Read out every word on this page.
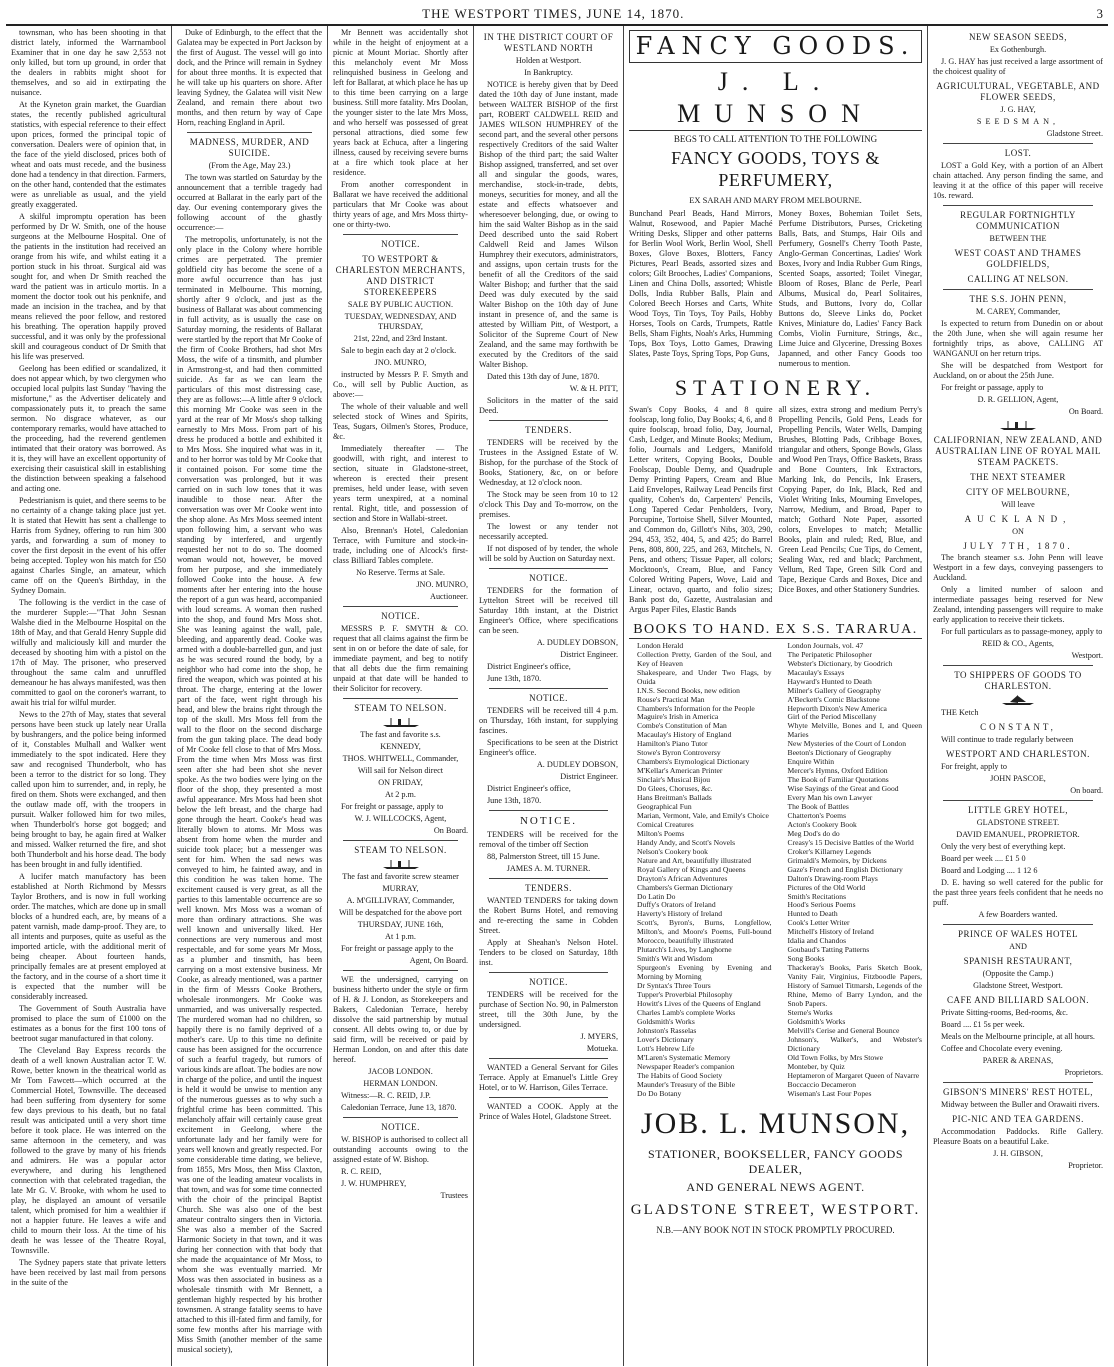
THE WESTPORT TIMES, JUNE 14, 1870.	3

townsman, who has been shooting in that district lately, informed the Warrnambool Examiner that in one day he saw 2,553 not only killed, but torn up ground, in order that the dealers in rabbits might shoot for themselves, and so aid in extirpating the nuisance.

At the Kyneton grain market, the Guardian states, the recently published agricultural statistics, with especial reference to their effect upon prices, formed the principal topic of conversation. Dealers were of opinion that, in the face of the yield disclosed, prices both of wheat and oats must recede, and the business done had a tendency in that direction. Farmers, on the other hand, contended that the estimates were as unreliable as usual, and the yield greatly exaggerated.

A skilful impromptu operation has been performed by Dr W. Smith, one of the house surgeons at the Melbourne Hospital. One of the patients in the institution had received an orange from his wife, and whilst eating it a portion stuck in his throat. Surgical aid was sought for, and when Dr Smith reached the ward the patient was in articulo mortis. In a moment the doctor took out his penknife, and made an incision in the trachea, and by that means relieved the poor fellow, and restored his breathing. The operation happily proved successful, and it was only by the professional skill and courageous conduct of Dr Smith that his life was preserved.

Geelong has been edified or scandalized, it does not appear which, by two clergymen who occupied local pulpits last Sunday "having the misfortune," as the Advertiser delicately and compassionately puts it, to preach the same sermon. No disgrace whatever, as our contemporary remarks, would have attached to the proceeding, had the reverend gentlemen intimated that their oratory was borrowed. As it is, they will have an excellent opportunity of exercising their casuistical skill in establishing the distinction between speaking a falsehood and acting one.

Pedestrianism is quiet, and there seems to be no certainty of a change taking place just yet. It is stated that Hewitt has sent a challenge to Harris from Sydney, offering to run him 300 yards, and forwarding a sum of money to cover the first deposit in the event of his offer being accepted. Topley won his match for £50 against Charles Single, an amateur, which came off on the Queen's Birthday, in the Sydney Domain.

The following is the verdict in the case of the murderer Supple:—"That John Sesnan Walshe died in the Melbourne Hospital on the 18th of May, and that Gerald Henry Supple did wilfully and maliciously kill and murder the deceased by shooting him with a pistol on the 17th of May. The prisoner, who preserved throughout the same calm and unruffled demeanour he has always manifested, was then committed to gaol on the coroner's warrant, to await his trial for wilful murder.

News to the 27th of May, states that several persons have been stuck up lately near Uralla by bushrangers, and the police being informed of it, Constables Mulhall and Walker went immediately to the spot indicated. Here they saw and recognised Thunderbolt, who has been a terror to the district for so long. They called upon him to surrender, and, in reply, he fired on them. Shots were exchanged, and then the outlaw made off, with the troopers in pursuit. Walker followed him for two miles, when Thunderbolt's horse got bogged; and being brought to bay, he again fired at Walker and missed. Walker returned the fire, and shot both Thunderbolt and his horse dead. The body has been brought in and fully identified.

A lucifer match manufactory has been established at North Richmond by Messrs Taylor Brothers, and is now in full working order. The matches, which are done up in small blocks of a hundred each, are, by means of a patent varnish, made damp-proof. They are, to all intents and purposes, quite as useful as the imported article, with the additional merit of being cheaper. About fourteen hands, principally females are at present employed at the factory, and in the course of a short time it is expected that the number will be considerably increased.

The Government of South Australia have promised to place the sum of £1000 on the estimates as a bonus for the first 100 tons of beetroot sugar manufactured in that colony.

The Cleveland Bay Express records the death of a well known Australian actor T. W. Rowe, better known in the theatrical world as Mr Tom Fawcett—which occurred at the Commercial Hotel, Townsville. The deceased had been suffering from dysentery for some few days previous to his death, but no fatal result was anticipated until a very short time before it took place. He was interred on the same afternoon in the cemetery, and was followed to the grave by many of his friends and admirers. He was a popular actor everywhere, and during his lengthened connection with that celebrated tragedian, the late Mr G. V. Brooke, with whom he used to play, he displayed an amount of versatile talent, which promised for him a wealthier if not a happier future. He leaves a wife and child to mourn their loss. At the time of his death he was lessee of the Theatre Royal, Townsville.

The Sydney papers state that private letters have been received by last mail from persons in the suite of the

Duke of Edinburgh, to the effect that the Galatea may be expected in Port Jackson by the first of August. The vessel will go into dock, and the Prince will remain in Sydney for about three months. It is expected that he will take up his quarters on shore. After leaving Sydney, the Galatea will visit New Zealand, and remain there about two months, and then return by way of Cape Horn, reaching England in April.

MADNESS, MURDER, AND SUICIDE.

(From the Age, May 23.)

The town was startled on Saturday by the announcement that a terrible tragedy had occurred at Ballarat in the early part of the day. Our evening contemporary gives the following account of the ghastly occurrence:—

The metropolis, unfortunately, is not the only place in the Colony where horrible crimes are perpetrated. The premier goldfield city has become the scene of a more awful occurrence than has just terminated in Melbourne. This morning, shortly after 9 o'clock, and just as the business of Ballarat was about commencing in full activity, as is usually the case on Saturday morning, the residents of Ballarat were startled by the report that Mr Cooke of the firm of Cooke Brothers, had shot Mrs Moss, the wife of a tinsmith, and plumber in Armstrong-st, and had then committed suicide. As far as we can learn the particulars of this most distressing case, they are as follows:—A little after 9 o'clock this morning Mr Cooke was seen in the yard at the rear of Mr Moss's shop talking earnestly to Mrs Moss. From part of his dress he produced a bottle and exhibited it to Mrs Moss. She inquired what was in it, and to her horror was told by Mr Cooke that it contained poison. For some time the conversation was prolonged, but it was carried on in such low tones that it was inaudible to those near. After the conversation was over Mr Cooke went into the shop alone. As Mrs Moss seemed intent upon following him, a servant who was standing by interfered, and urgently requested her not to do so. The doomed woman would not, however, be moved from her purpose, and she immediately followed Cooke into the house. A few moments after her entering into the house the report of a gun was heard, accompanied with loud screams. A woman then rushed into the shop, and found Mrs Moss shot. She was leaning against the wall, pale, bleeding, and apparently dead. Cooke was armed with a double-barrelled gun, and just as he was secured round the body, by a neighbor who had come into the shop, he fired the weapon, which was pointed at his throat. The charge, entering at the lower part of the face, went right through his head, and blew the brains right through the top of the skull. Mrs Moss fell from the wall to the floor on the second discharge from the gun taking place. The dead body of Mr Cooke fell close to that of Mrs Moss. From the time when Mrs Moss was first seen after she had been shot she never spoke. As the two bodies were lying on the floor of the shop, they presented a most awful appearance. Mrs Moss had been shot below the left breast, and the charge had gone through the heart. Cooke's head was literally blown to atoms. Mr Moss was absent from home when the murder and suicide took place; but a messenger was sent for him. When the sad news was conveyed to him, he fainted away, and in this condition he was taken home. The excitement caused is very great, as all the parties to this lamentable occurrence are so well known. Mrs Moss was a woman of more than ordinary attractions. She was well known and universally liked. Her connections are very numerous and most respectable, and for some years Mr Moss, as a plumber and tinsmith, has been carrying on a most extensive business. Mr Cooke, as already mentioned, was a partner in the firm of Messrs Cooke Brothers, wholesale ironmongers. Mr Cooke was unmarried, and was universally respected. The murdered woman had no children, so happily there is no family deprived of a mother's care. Up to this time no definite cause has been assigned for the occurrence of such a fearful tragedy, but rumors of various kinds are afloat. The bodies are now in charge of the police, and until the inquest is held it would be unwise to mention any of the numerous guesses as to why such a frightful crime has been committed. This melancholy affair will certainly cause great excitement in Geelong, where the unfortunate lady and her family were for years well known and greatly respected. For some considerable time dating, we believe, from 1855, Mrs Moss, then Miss Claxton, was one of the leading amateur vocalists in that town, and was for some time connected with the choir of the principal Baptist Church. She was also one of the best amateur contralto singers then in Victoria. She was also a member of the Sacred Harmonic Society in that town, and it was during her connection with that body that she made the acquaintance of Mr Moss, to whom she was eventually married. Mr Moss was then associated in business as a wholesale tinsmith with Mr Bennett, a gentleman highly respected by his brother townsmen. A strange fatality seems to have attached to this ill-fated firm and family, for some few months after his marriage with Miss Smith (another member of the same musical society),

Mr Bennett was accidentally shot while in the height of enjoyment at a picnic at Mount Moriac. Shortly after this melancholy event Mr Moss relinquished business in Geelong and left for Ballarat, at which place he has up to this time been carrying on a large business. Still more fatality. Mrs Doolan, the younger sister to the late Mrs Moss, and who herself was possessed of great personal attractions, died some few years back at Echuca, after a lingering illness, caused by receiving severe burns at a fire which took place at her residence.

From another correspondent in Ballarat we have received the additional particulars that Mr Cooke was about thirty years of age, and Mrs Moss thirty-one or thirty-two.

NOTICE.
TO WESTPORT & CHARLESTON MERCHANTS, AND DISTRICT STOREKEEPERS

SALE BY PUBLIC AUCTION.

TUESDAY, WEDNESDAY, AND THURSDAY,

21st, 22nd, and 23rd Instant.

Sale to begin each day at 2 o'clock.

JNO. MUNRO,

instructed by Messrs P. F. Smyth and Co., will sell by Public Auction, as above:—

The whole of their valuable and well selected stock of Wines and Spirits, Teas, Sugars, Oilmen's Stores, Produce, &c.

Immediately thereafter — The goodwill, with right, and interest to section, situate in Gladstone-street, whereon is erected their present premises, held under lease, with seven years term unexpired, at a nominal rental. Right, title, and possession of section and Store in Wallabi-street.

Also, Brennan's Hotel, Caledonian Terrace, with Furniture and stock-in-trade, including one of Alcock's first-class Billiard Tables complete.

No Reserve. Terms at Sale.

JNO. MUNRO,

Auctioneer.

NOTICE.

MESSRS P. F. SMYTH & CO. request that all claims against the firm be sent in on or before the date of sale, for immediate payment, and beg to notify that all debts due the firm remaining unpaid at that date will be handed to their Solicitor for recovery.

STEAM TO NELSON.

The fast and favorite s.s.

KENNEDY,

THOS. WHITWELL, Commander,

Will sail for Nelson direct

ON FRIDAY,

At 2 p.m.

For freight or passage, apply to

W. J. WILLCOCKS, Agent,

On Board.

STEAM TO NELSON.

The fast and favorite screw steamer

MURRAY,

A. M'GILLIVRAY, Commander,

Will be despatched for the above port

THURSDAY, JUNE 16th,

At 1 p.m.

For freight or passage apply to the

Agent, On Board.

WE the undersigned, carrying on business hitherto under the style or firm of H. & J. London, as Storekeepers and Bakers, Caledonian Terrace, hereby dissolve the said partnership by mutual consent. All debts owing to, or due by said firm, will be received or paid by Herman London, on and after this date hereof.

JACOB LONDON.

HERMAN LONDON.

Witness:—R. C. REID, J.P.

Caledonian Terrace, June 13, 1870.

NOTICE.

W. BISHOP is authorised to collect all outstanding accounts owing to the assigned estate of W. Bishop.

R. C. REID,

J. W. HUMPHREY,

Trustees

IN THE DISTRICT COURT OF WESTLAND NORTH

Holden at Westport.

In Bankruptcy.

NOTICE is hereby given that by Deed dated the 10th day of June instant, made between WALTER BISHOP of the first part, ROBERT CALDWELL REID and JAMES WILSON HUMPHREY of the second part, and the several other persons respectively Creditors of the said Walter Bishop of the third part; the said Walter Bishop assigned, transferred, and set over all and singular the goods, wares, merchandise, stock-in-trade, debts, moneys, securities for money, and all the estate and effects whatsoever and wheresoever belonging, due, or owing to him the said Walter Bishop as in the said Deed described unto the said Robert Caldwell Reid and James Wilson Humphrey their executors, administrators, and assigns, upon certain trusts for the benefit of all the Creditors of the said Walter Bishop; and further that the said Deed was duly executed by the said Walter Bishop on the 10th day of June instant in presence of, and the same is attested by William Pitt, of Westport, a Solicitor of the Supreme Court of New Zealand, and the same may forthwith be executed by the Creditors of the said Walter Bishop.

Dated this 13th day of June, 1870.

W. & H. PITT,

Solicitors in the matter of the said Deed.

TENDERS.

TENDERS will be received by the Trustees in the Assigned Estate of W. Bishop, for the purchase of the Stock of Books, Stationery, &c, on or before Wednesday, at 12 o'clock noon.

The Stock may be seen from 10 to 12 o'clock This Day and To-morrow, on the premises.

The lowest or any tender not necessarily accepted.

If not disposed of by tender, the whole will be sold by Auction on Saturday next.

NOTICE.

TENDERS for the formation of Lyttelton Street will be received till Saturday 18th instant, at the District Engineer's Office, where specifications can be seen.

A. DUDLEY DOBSON,

District Engineer.

District Engineer's office,

June 13th, 1870.

NOTICE.

TENDERS will be received till 4 p.m. on Thursday, 16th instant, for supplying fascines.

Specifications to be seen at the District Engineer's office.

A. DUDLEY DOBSON,

District Engineer.

District Engineer's office,

June 13th, 1870.

NOTICE.

TENDERS will be received for the removal of the timber off Section

88, Palmerston Street, till 15 June.

JAMES A. M. TURNER.

TENDERS.

WANTED TENDERS for taking down the Robert Burns Hotel, and removing and re-erecting the same in Cobden Street.

Apply at Sheahan's Nelson Hotel. Tenders to be closed on Saturday, 18th inst.

NOTICE.

TENDERS will be received for the purchase of Section No. 90, in Palmerston street, till the 30th June, by the undersigned.

J. MYERS,

Motueka.

WANTED a General Servant for Giles Terrace. Apply at Emanuel's Little Grey Hotel, or to W. Harrison, Giles Terrace.

WANTED a COOK. Apply at the Prince of Wales Hotel, Gladstone Street.

FANCY GOODS.
J. L. MUNSON
BEGS TO CALL ATTENTION TO THE FOLLOWING
FANCY GOODS, TOYS & PERFUMERY,
EX SARAH AND MARY FROM MELBOURNE.
Bunchand Pearl Beads, Hand Mirrors, Walnut, Rosewood, and Papier Maché Writing Desks, Slipper and other patterns for Berlin Wool Work, Berlin Wool, Shell Boxes, Glove Boxes, Blotters, Fancy Pictures, Pearl Beads, assorted sizes and colors; Gilt Brooches, Ladies' Companions, Linen and China Dolls, assorted; Whistle Dolls, India Rubber Balls, Plain and Colored Beech Horses and Carts, White Wood Toys, Tin Toys, Toy Pails, Hobby Horses, Tools on Cards, Trumpets, Rattle Bells, Sham Fights, Noah's Arks, Humming Tops, Box Toys, Lotto Games, Drawing Slates, Paste Toys, Spring Tops, Pop Guns,
Money Boxes, Bohemian Toilet Sets, Perfume Distributors, Purses, Cricketing Balls, Bats, and Stumps, Hair Oils and Perfumery, Gosnell's Cherry Tooth Paste, Anglo-German Concertinas, Ladies' Work Boxes, Ivory and India Rubber Gum Rings, Scented Soaps, assorted; Toilet Vinegar, Bloom of Roses, Blanc de Perle, Pearl Albums, Musical do, Pearl Solitaires, Studs, and Buttons, Ivory do, Collar Buttons do, Sleeve Links do, Pocket Knives, Miniature do, Ladies' Fancy Back Combs, Violin Furniture, Strings, &c., Lime Juice and Glycerine, Dressing Boxes Japanned, and other Fancy Goods too numerous to mention.
STATIONERY.
Swan's Copy Books, 4 and 8 quire foolscap, long folio, Day Books; 4, 6, and 8 quire foolscap, broad folio, Day, Journal, Cash, Ledger, and Minute Books; Medium, folio, Journals and Ledgers, Manifold Letter writers, Copying Books, Double Foolscap, Double Demy, and Quadruple Demy Printing Papers, Cream and Blue Laid Envelopes, Railway Lead Pencils first quality, Cohen's do, Carpenters' Pencils, Long Tapered Cedar Penholders, Ivory, Porcupine, Tortoise Shell, Silver Mounted, and Common do, Gillott's Nibs, 303, 290, 294, 453, 352, 404, 5, and 425; do Barrel Pens, 808, 800, 225, and 263, Mitchels, N. Pens, and others; Tissue Paper, all colors; Mocktoon's, Cream, Blue, and Fancy Colored Writing Papers, Wove, Laid and Linear, octavo, quarto, and folio sizes; Bank post do, Gazette, Australasian and Argus Paper Files, Elastic Bands
all sizes, extra strong and medium Perry's Propelling Pencils, Gold Pens, Leads for Propelling Pencils, Water Wells, Damping Brushes, Blotting Pads, Cribbage Boxes, triangular and others, Sponge Bowls, Glass and Wood Pen Trays, Office Baskets, Brass and Bone Counters, Ink Extractors, Marking Ink, do Pencils, Ink Erasers, Copying Paper, do Ink, Black, Red and Violet Writing Inks, Mourning Envelopes, Narrow, Medium, and Broad, Paper to match; Gothard Note Paper, assorted colors, Envelopes to match; Metallic Books, plain and ruled; Red, Blue, and Green Lead Pencils; Cue Tips, do Cement, Sealing Wax, red and black; Parchment, Vellum, Red Tape, Green Silk Cord and Tape, Bezique Cards and Boxes, Dice and Dice Boxes, and other Stationery Sundries.
BOOKS TO HAND. EX S.S. TARARUA.
London Herald
Collection Pretty, Garden of the Soul, and Key of Heaven
Shakespeare, and Under Two Flags, by Ouida
I.N.S. Second Books, new edition
Rouse's Practical Man
Chambers's Information for the People
Maguire's Irish in America
Combe's Constitution of Man
Macaulay's History of England
Hamilton's Piano Tutor
Stowe's Byron Controversy
Chambers's Etymological Dictionary
M'Kellar's American Printer
Sinclair's Musical Bijou
Do Glees, Choruses, &c.
Hans Breitman's Ballads
Geographical Fun
Marian, Vermont, Vale, and Emily's Choice
Comical Creatures
Milton's Poems
Handy Andy, and Scott's Novels
Nelson's Cookery book
Nature and Art, beautifully illustrated
Royal Gallery of Kings and Queens
Drayton's African Adventures
Chambers's German Dictionary
Do Latin Do
Duffy's Orators of Ireland
Haverty's History of Ireland
Scott's, Byron's, Burns, Longfellow, Milton's, and Moore's Poems, Full-bound Morocco, beautifully illustrated
Plutarch's Lives, by Langhorne
Smith's Wit and Wisdom
Spurgeon's Evening by Evening and Morning by Morning
Dr Syntax's Three Tours
Tupper's Proverbial Philosophy
Howitt's Lives of the Queens of England
Charles Lamb's complete Works
Goldsmith's Works
Johnston's Rasselas
Lover's Dictionary
Lott's Hebrew Life
M'Laren's Systematic Memory
Newspaper Reader's companion
The Habits of Good Society
Maunder's Treasury of the Bible
Do Do Botany
London Journals, vol. 47
The Peripatetic Philosopher
Webster's Dictionary, by Goodrich
Macaulay's Essays
Hayward's Hunted to Death
Milner's Gallery of Geography
A'Beckett's Comic Blackstone
Hepworth Dixon's New America
Girl of the Period Miscellany
Whyte Melville, Bones and I, and Queen Maries
New Mysteries of the Court of London
Beeton's Dictionary of Geography
Enquire Within
Mercer's Hymns, Oxford Edition
The Book of Familiar Quotations
Wise Sayings of the Great and Good
Every Man his own Lawyer
The Book of Battles
Chatterton's Poems
Acton's Cookery Book
Meg Dod's do do
Creasy's 15 Decisive Battles of the World
Croker's Killarney Legends
Grimaldi's Memoirs, by Dickens
Gaze's French and English Dictionary
Dalton's Drawing-room Plays
Pictures of the Old World
Smith's Recitations
Hood's Serious Poems
Hunted to Death
Cook's Letter Writer
Mitchell's History of Ireland
Idalia and Chandos
Goubaud's Tatting Patterns
Song Books
Thackeray's Books, Paris Sketch Book, Vanity Fair, Virginius, Fitzboodle Papers, History of Samuel Titmarsh, Legends of the Rhine, Memo of Barry Lyndon, and the Snob Papers.
Sterne's Works
Goldsmith's Works
Melvill's Cerise and General Bounce
Johnson's, Walker's, and Webster's Dictionary
Old Town Folks, by Mrs Stowe
Monteber, by Quiz
Heptameron of Margaret Queen of Navarre
Boccaccio Decameron
Wiseman's Last Four Popes
JOB. L. MUNSON,
STATIONER, BOOKSELLER, FANCY GOODS DEALER,
AND GENERAL NEWS AGENT.
GLADSTONE STREET, WESTPORT.
N.B.—ANY BOOK NOT IN STOCK PROMPTLY PROCURED.
NEW SEASON SEEDS,

Ex Gothenburgh.

J. G. HAY has just received a large assortment of the choicest quality of

AGRICULTURAL, VEGETABLE, AND FLOWER SEEDS,

J. G. HAY,

SEEDSMAN,

Gladstone Street.

LOST.

LOST a Gold Key, with a portion of an Albert chain attached. Any person finding the same, and leaving it at the office of this paper will receive 10s. reward.

REGULAR FORTNIGHTLY COMMUNICATION

BETWEEN THE

WEST COAST AND THAMES GOLDFIELDS,
CALLING AT NELSON.
THE S.S. JOHN PENN,

M. CAREY, Commander,

Is expected to return from Dunedin on or about the 20th June, when she will again resume her fortnightly trips, as above, CALLING AT WANGANUI on her return trips.

She will be despatched from Westport for Auckland, on or about the 25th June.

For freight or passage, apply to

D. R. GELLION, Agent,

On Board.

CALIFORNIAN, NEW ZEALAND, AND AUSTRALIAN LINE OF ROYAL MAIL STEAM PACKETS.
THE NEXT STEAMER
CITY OF MELBOURNE,

Will leave

AUCKLAND,

ON

JULY 7TH, 1870.

The branch steamer s.s. John Penn will leave Westport in a few days, conveying passengers to Auckland.

Only a limited number of saloon and intermediate passages being reserved for New Zealand, intending passengers will require to make early application to receive their tickets.

For full particulars as to passage-money, apply to

REID & CO., Agents,

Westport.

TO SHIPPERS OF GOODS TO CHARLESTON.

THE Ketch

CONSTANT,

Will continue to trade regularly between

WESTPORT AND CHARLESTON.

For freight, apply to

JOHN PASCOE,

On board.

LITTLE GREY HOTEL,

GLADSTONE STREET.

DAVID EMANUEL, PROPRIETOR.

Only the very best of everything kept.

Board per week .... £1 5 0

Board and Lodging .... 1 12 6

D. E. having so well catered for the public for the past three years feels confident that he needs no puff.

A few Boarders wanted.

PRINCE OF WALES HOTEL

AND

SPANISH RESTAURANT,

(Opposite the Camp.)

Gladstone Street, Westport.

CAFE AND BILLIARD SALOON.

Private Sitting-rooms, Bed-rooms, &c.

Board .... £1 5s per week.

Meals on the Melbourne principle, at all hours.

Coffee and Chocolate every evening.

PARER & ARENAS,

Proprietors.

GIBSON'S MINERS' REST HOTEL,

Midway between the Buller and Orawaiti rivers.

PIC-NIC AND TEA GARDENS.

Accommodation Paddocks. Rifle Gallery. Pleasure Boats on a beautiful Lake.

J. H. GIBSON,

Proprietor.
